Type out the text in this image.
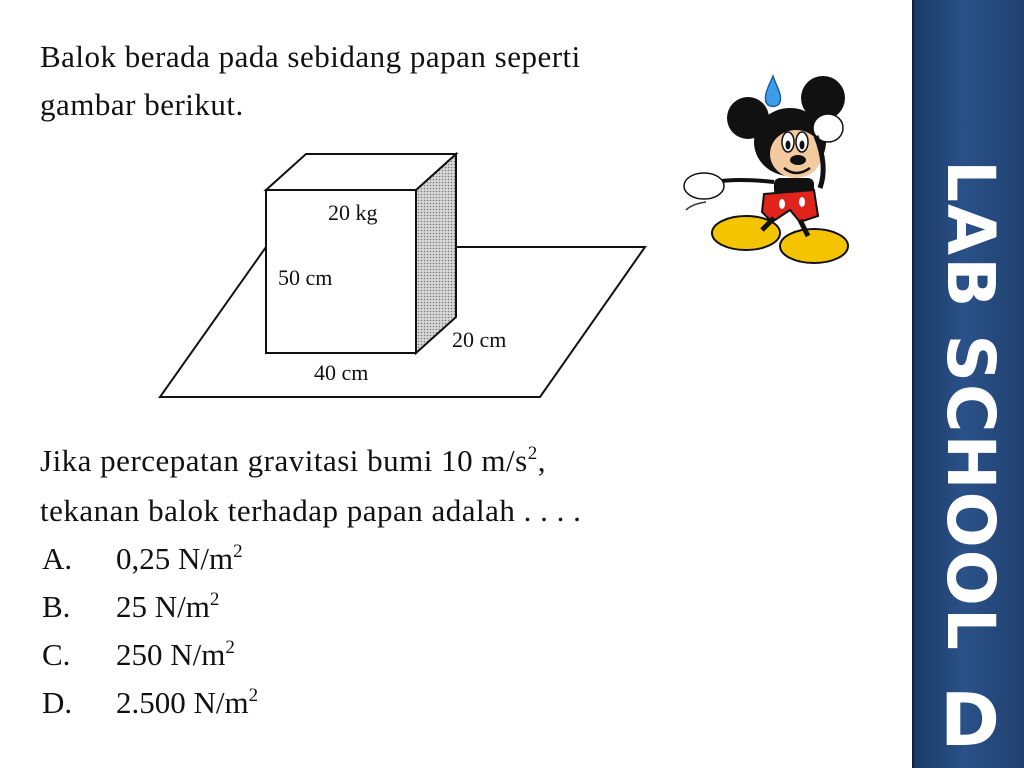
Balok berada pada sebidang papan seperti
gambar berikut.
20 kg
50 cm
20 cm
40 cm
Jika percepatan gravitasi bumi 10 $m/s^2$,
tekanan balok terhadap papan adalah . . . .
A. 0,25 $N/m^2$
B. 25 $N/m^2$
C. 250 $N/m^2$
D. 2.500 $N/m^2$
LAB SCHOOL
D
